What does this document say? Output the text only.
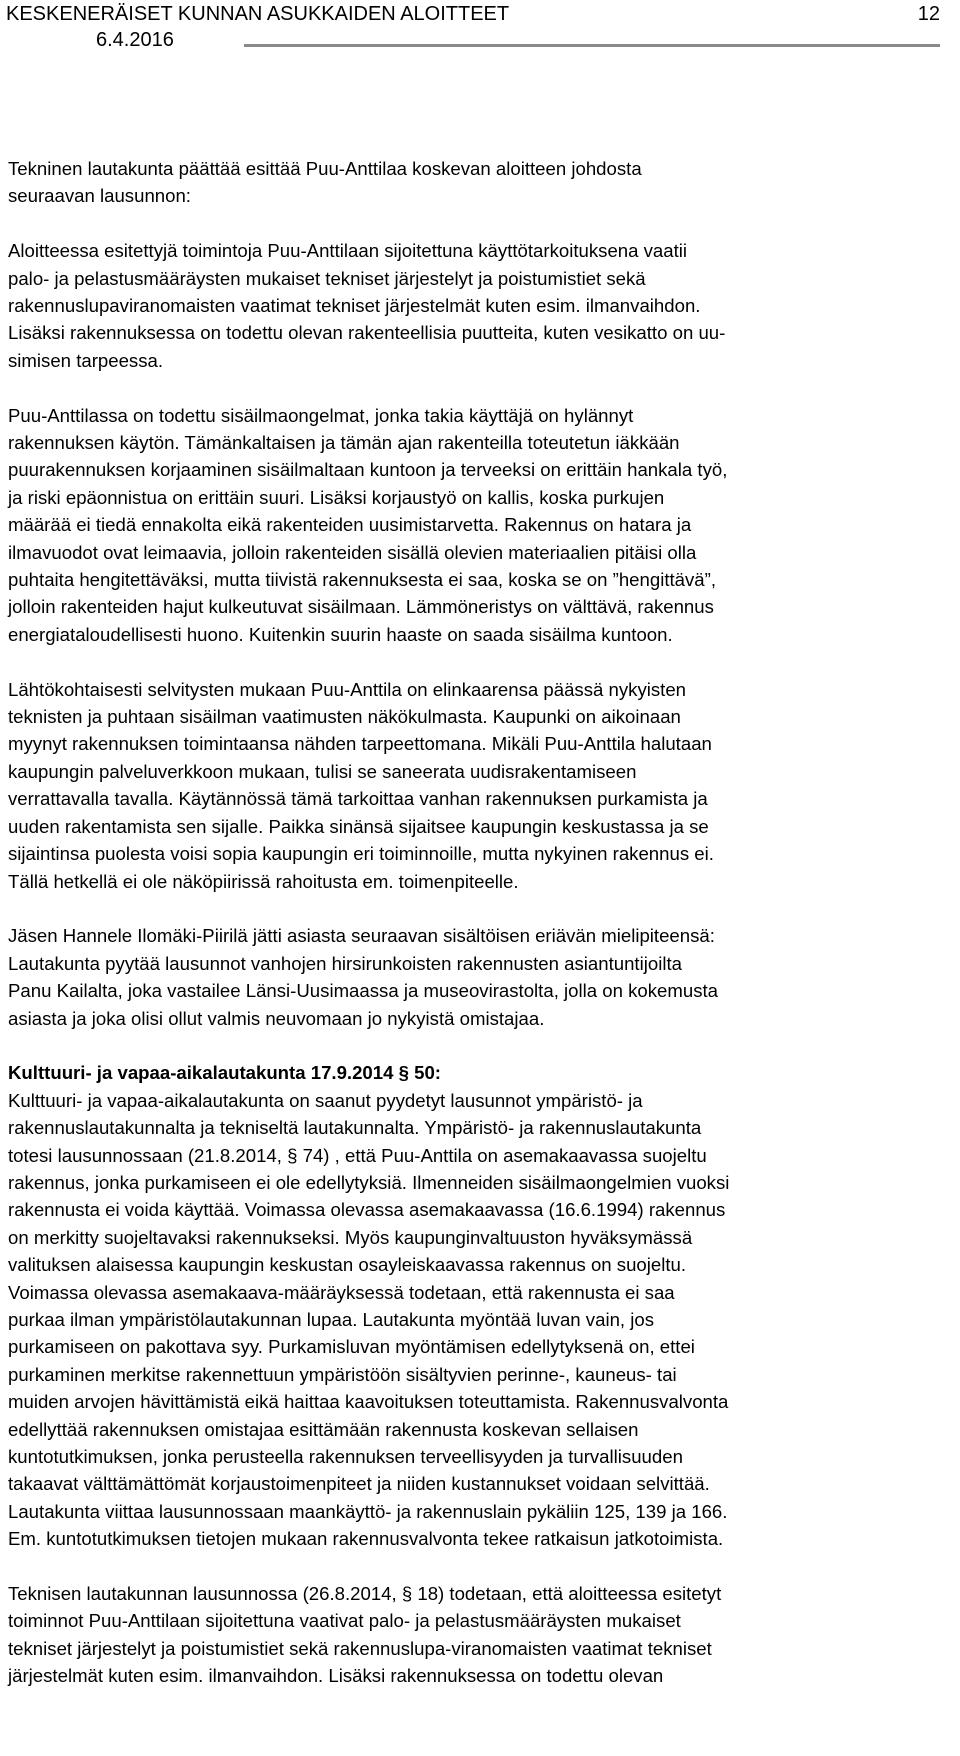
KESKENERÄISET KUNNAN ASUKKAIDEN ALOITTEET
6.4.2016
12

Tekninen lautakunta päättää esittää Puu-Anttilaa koskevan aloitteen johdosta
seuraavan lausunnon:

Aloitteessa esitettyjä toimintoja Puu-Anttilaan sijoitettuna käyttötarkoituksena vaatii
palo- ja pelastusmääräysten mukaiset tekniset järjestelyt ja poistumistiet sekä
rakennuslupaviranomaisten vaatimat tekniset järjestelmät kuten esim. ilmanvaihdon.
Lisäksi rakennuksessa on todettu olevan rakenteellisia puutteita, kuten vesikatto on uu-
simisen tarpeessa.

Puu-Anttilassa on todettu sisäilmaongelmat, jonka takia käyttäjä on hylännyt
rakennuksen käytön. Tämänkaltaisen ja tämän ajan rakenteilla toteutetun iäkkään
puurakennuksen korjaaminen sisäilmaltaan kuntoon ja terveeksi on erittäin hankala työ,
ja riski epäonnistua on erittäin suuri. Lisäksi korjaustyö on kallis, koska purkujen
määrää ei tiedä ennakolta eikä rakenteiden uusimistarvetta. Rakennus on hatara ja
ilmavuodot ovat leimaavia, jolloin rakenteiden sisällä olevien materiaalien pitäisi olla
puhtaita hengitettäväksi, mutta tiivistä rakennuksesta ei saa, koska se on ”hengittävä”,
jolloin rakenteiden hajut kulkeutuvat sisäilmaan. Lämmöneristys on välttävä, rakennus
energiataloudellisesti huono. Kuitenkin suurin haaste on saada sisäilma kuntoon.

Lähtökohtaisesti selvitysten mukaan Puu-Anttila on elinkaarensa päässä nykyisten
teknisten ja puhtaan sisäilman vaatimusten näkökulmasta. Kaupunki on aikoinaan
myynyt rakennuksen toimintaansa nähden tarpeettomana. Mikäli Puu-Anttila halutaan
kaupungin palveluverkkoon mukaan, tulisi se saneerata uudisrakentamiseen
verrattavalla tavalla. Käytännössä tämä tarkoittaa vanhan rakennuksen purkamista ja
uuden rakentamista sen sijalle. Paikka sinänsä sijaitsee kaupungin keskustassa ja se
sijaintinsa puolesta voisi sopia kaupungin eri toiminnoille, mutta nykyinen rakennus ei.
Tällä hetkellä ei ole näköpiirissä rahoitusta em. toimenpiteelle.

Jäsen Hannele Ilomäki-Piirilä jätti asiasta seuraavan sisältöisen eriävän mielipiteensä:
Lautakunta pyytää lausunnot vanhojen hirsirunkoisten rakennusten asiantuntijoilta
Panu Kailalta, joka vastailee Länsi-Uusimaassa ja museovirastolta, jolla on kokemusta
asiasta ja joka olisi ollut valmis neuvomaan jo nykyistä omistajaa.

Kulttuuri- ja vapaa-aikalautakunta 17.9.2014 § 50:

Kulttuuri- ja vapaa-aikalautakunta on saanut pyydetyt lausunnot ympäristö- ja
rakennuslautakunnalta ja tekniseltä lautakunnalta. Ympäristö- ja rakennuslautakunta
totesi lausunnossaan (21.8.2014, § 74) , että Puu-Anttila on asemakaavassa suojeltu
rakennus, jonka purkamiseen ei ole edellytyksiä. Ilmenneiden sisäilmaongelmien vuoksi
rakennusta ei voida käyttää. Voimassa olevassa asemakaavassa (16.6.1994) rakennus
on merkitty suojeltavaksi rakennukseksi. Myös kaupunginvaltuuston hyväksymässä
valituksen alaisessa kaupungin keskustan osayleiskaavassa rakennus on suojeltu.
Voimassa olevassa asemakaava-määräyksessä todetaan, että rakennusta ei saa
purkaa ilman ympäristölautakunnan lupaa. Lautakunta myöntää luvan vain, jos
purkamiseen on pakottava syy. Purkamisluvan myöntämisen edellytyksenä on, ettei
purkaminen merkitse rakennettuun ympäristöön sisältyvien perinne-, kauneus- tai
muiden arvojen hävittämistä eikä haittaa kaavoituksen toteuttamista. Rakennusvalvonta
edellyttää rakennuksen omistajaa esittämään rakennusta koskevan sellaisen
kuntotutkimuksen, jonka perusteella rakennuksen terveellisyyden ja turvallisuuden
takaavat välttämättömät korjaustoimenpiteet ja niiden kustannukset voidaan selvittää.
Lautakunta viittaa lausunnossaan maankäyttö- ja rakennuslain pykäliin 125, 139 ja 166.
Em. kuntotutkimuksen tietojen mukaan rakennusvalvonta tekee ratkaisun jatkotoimista.

Teknisen lautakunnan lausunnossa (26.8.2014, § 18) todetaan, että aloitteessa esitetyt
toiminnot Puu-Anttilaan sijoitettuna vaativat palo- ja pelastusmääräysten mukaiset
tekniset järjestelyt ja poistumistiet sekä rakennuslupa-viranomaisten vaatimat tekniset
järjestelmät kuten esim. ilmanvaihdon. Lisäksi rakennuksessa on todettu olevan
